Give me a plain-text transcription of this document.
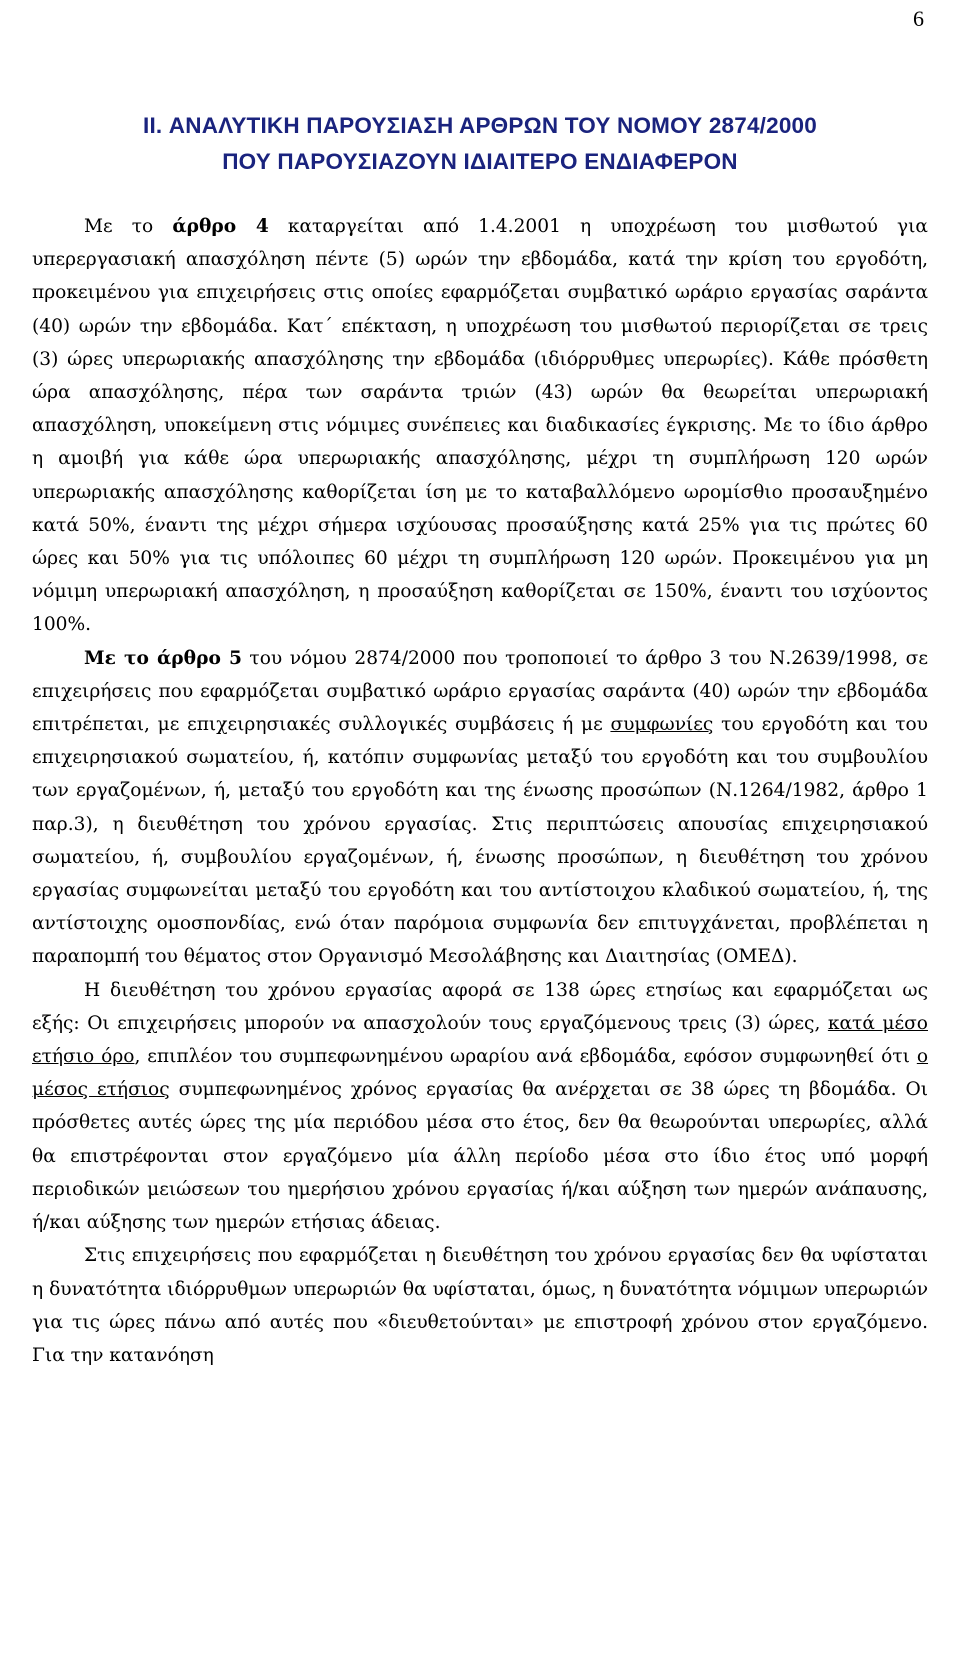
6
II. ΑΝΑΛΥΤΙΚΗ ΠΑΡΟΥΣΙΑΣΗ ΑΡΘΡΩΝ ΤΟΥ ΝΟΜΟΥ 2874/2000
ΠΟΥ ΠΑΡΟΥΣΙΑΖΟΥΝ ΙΔΙΑΙΤΕΡΟ ΕΝΔΙΑΦΕΡΟΝ

Με το άρθρο 4 καταργείται από 1.4.2001 η υποχρέωση του μισθωτού για υπερεργασιακή απασχόληση πέντε (5) ωρών την εβδομάδα, κατά την κρίση του εργοδότη, προκειμένου για επιχειρήσεις στις οποίες εφαρμόζεται συμβατικό ωράριο εργασίας σαράντα (40) ωρών την εβδομάδα. Κατ΄ επέκταση, η υποχρέωση του μισθωτού περιορίζεται σε τρεις (3) ώρες υπερωριακής απασχόλησης την εβδομάδα (ιδιόρρυθμες υπερωρίες). Κάθε πρόσθετη ώρα απασχόλησης, πέρα των σαράντα τριών (43) ωρών θα θεωρείται υπερωριακή απασχόληση, υποκείμενη στις νόμιμες συνέπειες και διαδικασίες έγκρισης. Με το ίδιο άρθρο η αμοιβή για κάθε ώρα υπερωριακής απασχόλησης, μέχρι τη συμπλήρωση 120 ωρών υπερωριακής απασχόλησης καθορίζεται ίση με το καταβαλλόμενο ωρομίσθιο προσαυξημένο κατά 50%, έναντι της μέχρι σήμερα ισχύουσας προσαύξησης κατά 25% για τις πρώτες 60 ώρες και 50% για τις υπόλοιπες 60 μέχρι τη συμπλήρωση 120 ωρών. Προκειμένου για μη νόμιμη υπερωριακή απασχόληση, η προσαύξηση καθορίζεται σε 150%, έναντι του ισχύοντος 100%.

Με το άρθρο 5 του νόμου 2874/2000 που τροποποιεί το άρθρο 3 του Ν.2639/1998, σε επιχειρήσεις που εφαρμόζεται συμβατικό ωράριο εργασίας σαράντα (40) ωρών την εβδομάδα επιτρέπεται, με επιχειρησιακές συλλογικές συμβάσεις ή με συμφωνίες του εργοδότη και του επιχειρησιακού σωματείου, ή, κατόπιν συμφωνίας μεταξύ του εργοδότη και του συμβουλίου των εργαζομένων, ή, μεταξύ του εργοδότη και της ένωσης προσώπων (Ν.1264/1982, άρθρο 1 παρ.3), η διευθέτηση του χρόνου εργασίας. Στις περιπτώσεις απουσίας επιχειρησιακού σωματείου, ή, συμβουλίου εργαζομένων, ή, ένωσης προσώπων, η διευθέτηση του χρόνου εργασίας συμφωνείται μεταξύ του εργοδότη και του αντίστοιχου κλαδικού σωματείου, ή, της αντίστοιχης ομοσπονδίας, ενώ όταν παρόμοια συμφωνία δεν επιτυγχάνεται, προβλέπεται η παραπομπή του θέματος στον Οργανισμό Μεσολάβησης και Διαιτησίας (ΟΜΕΔ).

Η διευθέτηση του χρόνου εργασίας αφορά σε 138 ώρες ετησίως και εφαρμόζεται ως εξής: Οι επιχειρήσεις μπορούν να απασχολούν τους εργαζόμενους τρεις (3) ώρες, κατά μέσο ετήσιο όρο, επιπλέον του συμπεφωνημένου ωραρίου ανά εβδομάδα, εφόσον συμφωνηθεί ότι ο μέσος ετήσιος συμπεφωνημένος χρόνος εργασίας θα ανέρχεται σε 38 ώρες τη βδομάδα. Οι πρόσθετες αυτές ώρες της μία περιόδου μέσα στο έτος, δεν θα θεωρούνται υπερωρίες, αλλά θα επιστρέφονται στον εργαζόμενο μία άλλη περίοδο μέσα στο ίδιο έτος υπό μορφή περιοδικών μειώσεων του ημερήσιου χρόνου εργασίας ή/και αύξηση των ημερών ανάπαυσης, ή/και αύξησης των ημερών ετήσιας άδειας.

Στις επιχειρήσεις που εφαρμόζεται η διευθέτηση του χρόνου εργασίας δεν θα υφίσταται η δυνατότητα ιδιόρρυθμων υπερωριών θα υφίσταται, όμως, η δυνατότητα νόμιμων υπερωριών για τις ώρες πάνω από αυτές που «διευθετούνται» με επιστροφή χρόνου στον εργαζόμενο. Για την κατανόηση
